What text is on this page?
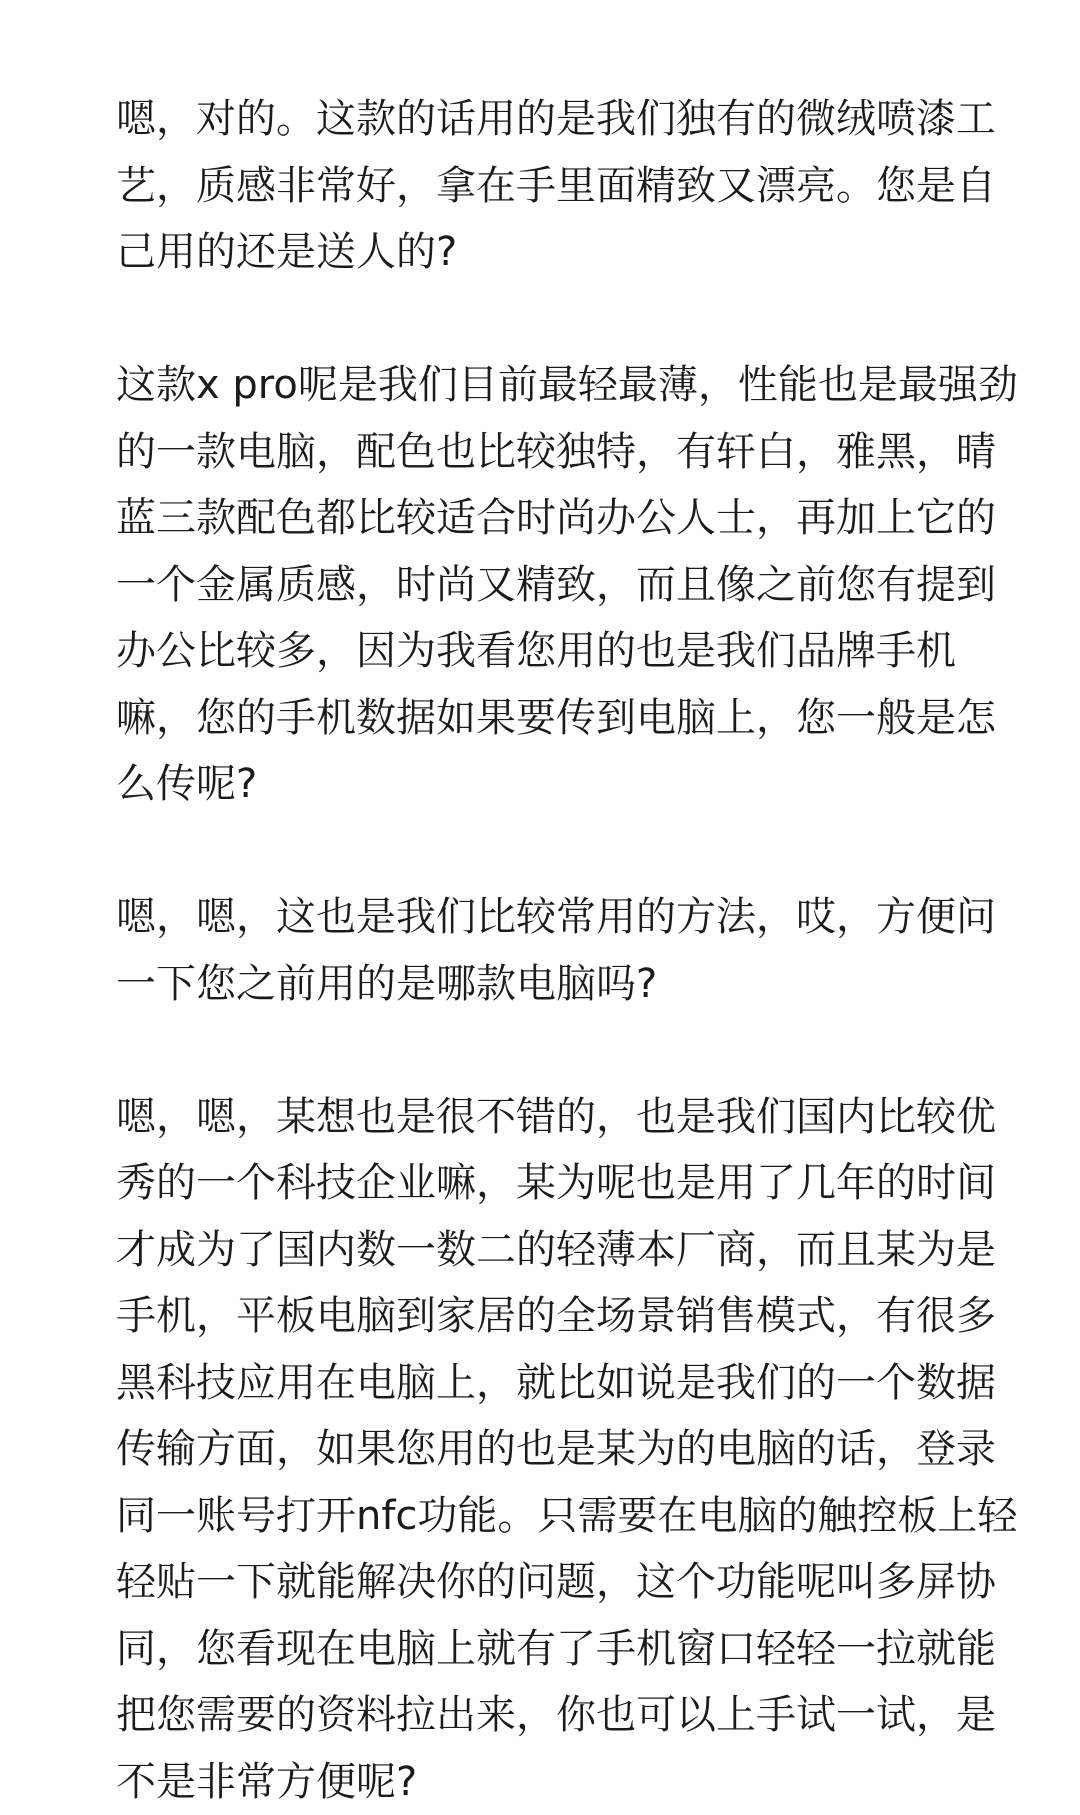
嗯，对的。这款的话用的是我们独有的微绒喷漆工艺，质感非常好，拿在手里面精致又漂亮。您是自己用的还是送人的?

这款x pro呢是我们目前最轻最薄，性能也是最强劲的一款电脑，配色也比较独特，有轩白，雅黑，晴蓝三款配色都比较适合时尚办公人士，再加上它的一个金属质感，时尚又精致，而且像之前您有提到办公比较多，因为我看您用的也是我们品牌手机嘛，您的手机数据如果要传到电脑上，您一般是怎么传呢?

嗯，嗯，这也是我们比较常用的方法，哎，方便问一下您之前用的是哪款电脑吗?

嗯，嗯，某想也是很不错的，也是我们国内比较优秀的一个科技企业嘛，某为呢也是用了几年的时间才成为了国内数一数二的轻薄本厂商，而且某为是手机，平板电脑到家居的全场景销售模式，有很多黑科技应用在电脑上，就比如说是我们的一个数据传输方面，如果您用的也是某为的电脑的话，登录同一账号打开nfc功能。只需要在电脑的触控板上轻轻贴一下就能解决你的问题，这个功能呢叫多屏协同，您看现在电脑上就有了手机窗口轻轻一拉就能把您需要的资料拉出来，你也可以上手试一试，是不是非常方便呢?
